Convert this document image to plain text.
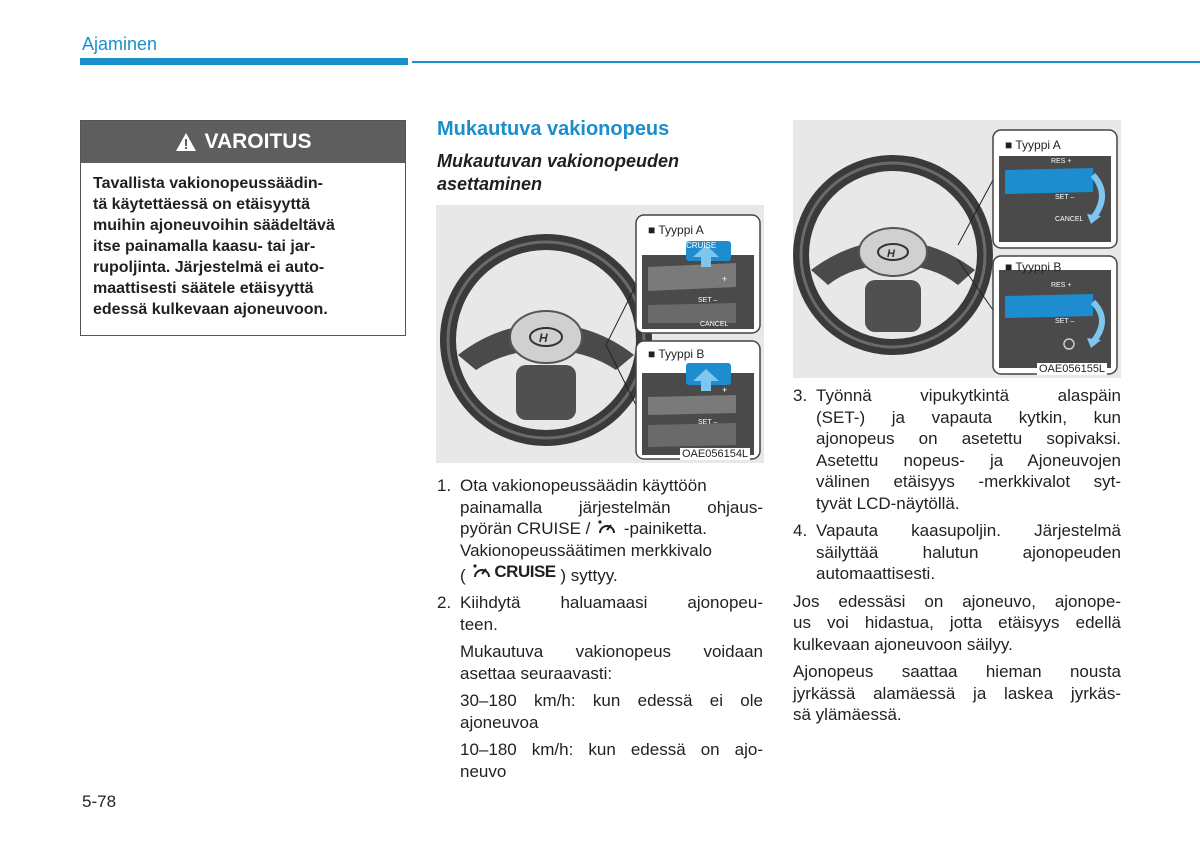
Ajaminen
VAROITUS
Tavallista vakionopeussäädin-
tä käytettäessä on etäisyyttä
muihin ajoneuvoihin säädeltävä
itse painamalla kaasu- tai jar-
rupoljinta. Järjestelmä ei auto-
maattisesti säätele etäisyyttä
edessä kulkevaan ajoneuvoon.
Mukautuva vakionopeus
Mukautuvan vakionopeuden
asettaminen
H
■ Tyyppi A
CRUISE
+
SET –
CANCEL
■ Tyyppi B
+
SET –
OAE056154L
H
■ Tyyppi A
RES +
SET –
CANCEL
■ Tyyppi B
RES +
SET –
OAE056155L
1. Ota vakionopeussäädin käyttöön
painamalla järjestelmän ohjaus-
pyörän CRUISE / -painiketta.
Vakionopeussäätimen merkkivalo
( CRUISE ) syttyy.
2. Kiihdytä haluamaasi ajonopeu-
teen.
Mukautuva vakionopeus voidaan
asettaa seuraavasti:
30–180 km/h: kun edessä ei ole
ajoneuvoa
10–180 km/h: kun edessä on ajo-
neuvo
3. Työnnä vipukytkintä alaspäin
(SET-) ja vapauta kytkin, kun
ajonopeus on asetettu sopivaksi.
Asetettu nopeus- ja Ajoneuvojen
välinen etäisyys -merkkivalot syt-
tyvät LCD-näytöllä.
4. Vapauta kaasupoljin. Järjestelmä
säilyttää halutun ajonopeuden
automaattisesti.
Jos edessäsi on ajoneuvo, ajonope-
us voi hidastua, jotta etäisyys edellä
kulkevaan ajoneuvoon säilyy.
Ajonopeus saattaa hieman nousta
jyrkässä alamäessä ja laskea jyrkäs-
sä ylämäessä.
5-78
